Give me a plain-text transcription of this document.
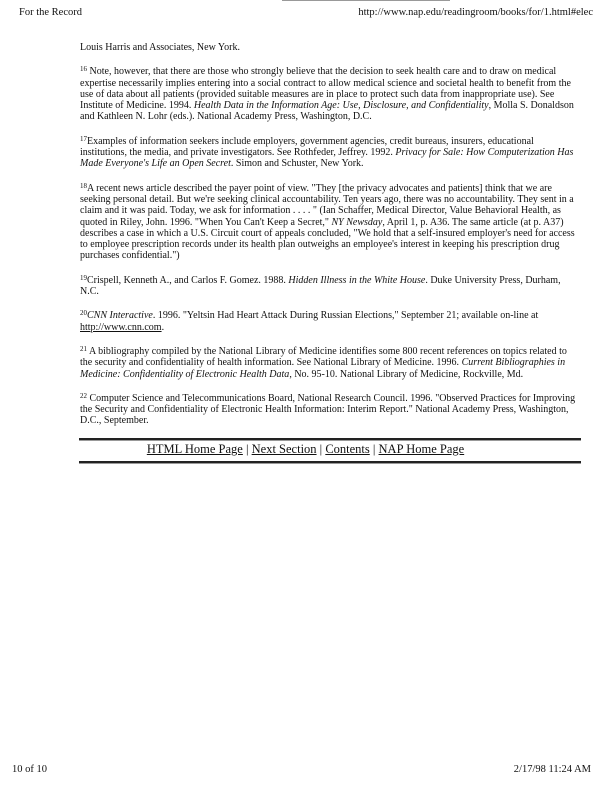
For the Record	http://www.nap.edu/readingroom/books/for/1.html#elec

Louis Harris and Associates, New York.

$^{16}$ Note, however, that there are those who strongly believe that the decision to seek health care and to draw on medical expertise necessarily implies entering into a social contract to allow medical science and societal health to benefit from the use of data about all patients (provided suitable measures are in place to protect such data from inappropriate use). See Institute of Medicine. 1994. Health Data in the Information Age: Use, Disclosure, and Confidentiality, Molla S. Donaldson and Kathleen N. Lohr (eds.). National Academy Press, Washington, D.C.

$^{17}$Examples of information seekers include employers, government agencies, credit bureaus, insurers, educational institutions, the media, and private investigators. See Rothfeder, Jeffrey. 1992. Privacy for Sale: How Computerization Has Made Everyone's Life an Open Secret. Simon and Schuster, New York.

$^{18}$A recent news article described the payer point of view. "They [the privacy advocates and patients] think that we are seeking personal detail. But we're seeking clinical accountability. Ten years ago, there was no accountability. They sent in a claim and it was paid. Today, we ask for information . . . . " (Ian Schaffer, Medical Director, Value Behavioral Health, as quoted in Riley, John. 1996. "When You Can't Keep a Secret," NY Newsday, April 1, p. A36. The same article (at p. A37) describes a case in which a U.S. Circuit court of appeals concluded, "We hold that a self-insured employer's need for access to employee prescription records under its health plan outweighs an employee's interest in keeping his prescription drug purchases confidential.")

$^{19}$Crispell, Kenneth A., and Carlos F. Gomez. 1988. Hidden Illness in the White House. Duke University Press, Durham, N.C.

$^{20}$CNN Interactive. 1996. "Yeltsin Had Heart Attack During Russian Elections," September 21; available on-line at http://www.cnn.com.

$^{21}$ A bibliography compiled by the National Library of Medicine identifies some 800 recent references on topics related to the security and confidentiality of health information. See National Library of Medicine. 1996. Current Bibliographies in Medicine: Confidentiality of Electronic Health Data, No. 95-10. National Library of Medicine, Rockville, Md.

$^{22}$ Computer Science and Telecommunications Board, National Research Council. 1996. "Observed Practices for Improving the Security and Confidentiality of Electronic Health Information: Interim Report." National Academy Press, Washington, D.C., September.

HTML Home Page | Next Section | Contents | NAP Home Page
10 of 10	2/17/98 11:24 AM
